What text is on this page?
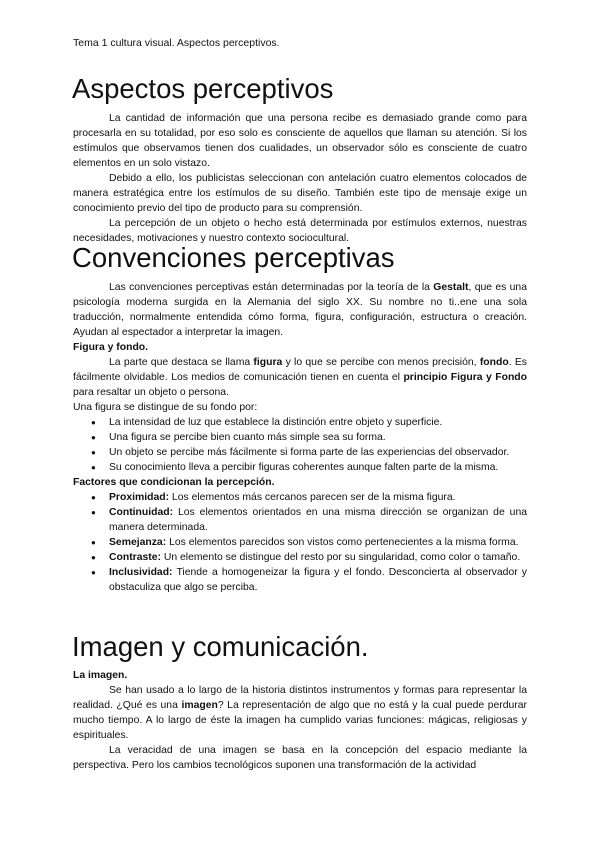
Tema 1 cultura visual. Aspectos perceptivos.
Aspectos perceptivos

La cantidad de información que una persona recibe es demasiado grande como para procesarla en su totalidad, por eso solo es consciente de aquellos que llaman su atención. Si los estímulos que observamos tienen dos cualidades, un observador sólo es consciente de cuatro elementos en un solo vistazo.

Debido a ello, los publicistas seleccionan con antelación cuatro elementos colocados de manera estratégica entre los estímulos de su diseño. También este tipo de mensaje exige un conocimiento previo del tipo de producto para su comprensión.

La percepción de un objeto o hecho está determinada por estímulos externos, nuestras necesidades, motivaciones y nuestro contexto sociocultural.

Convenciones perceptivas

Las convenciones perceptivas están determinadas por la teoría de la Gestalt, que es una psicología moderna surgida en la Alemania del siglo XX. Su nombre no ti..ene una sola traducción, normalmente entendida cómo forma, figura, configuración, estructura o creación. Ayudan al espectador a interpretar la imagen.

Figura y fondo.

La parte que destaca se llama figura y lo que se percibe con menos precisión, fondo. Es fácilmente olvidable. Los medios de comunicación tienen en cuenta el principio Figura y Fondo para resaltar un objeto o persona.

Una figura se distingue de su fondo por:

● La intensidad de luz que establece la distinción entre objeto y superficie.
● Una figura se percibe bien cuanto más simple sea su forma.
● Un objeto se percibe más fácilmente si forma parte de las experiencias del observador.
● Su conocimiento lleva a percibir figuras coherentes aunque falten parte de la misma.

Factores que condicionan la percepción.

● Proximidad: Los elementos más cercanos parecen ser de la misma figura.
● Continuidad: Los elementos orientados en una misma dirección se organizan de una manera determinada.
● Semejanza: Los elementos parecidos son vistos como pertenecientes a la misma forma.
● Contraste: Un elemento se distingue del resto por su singularidad, como color o tamaño.
● Inclusividad: Tiende a homogeneizar la figura y el fondo. Desconcierta al observador y obstaculiza que algo se perciba.
Imagen y comunicación.

La imagen.

Se han usado a lo largo de la historia distintos instrumentos y formas para representar la realidad. ¿Qué es una imagen? La representación de algo que no está y la cual puede perdurar mucho tiempo. A lo largo de éste la imagen ha cumplido varias funciones: mágicas, religiosas y espirituales.

La veracidad de una imagen se basa en la concepción del espacio mediante la perspectiva. Pero los cambios tecnológicos suponen una transformación de la actividad
